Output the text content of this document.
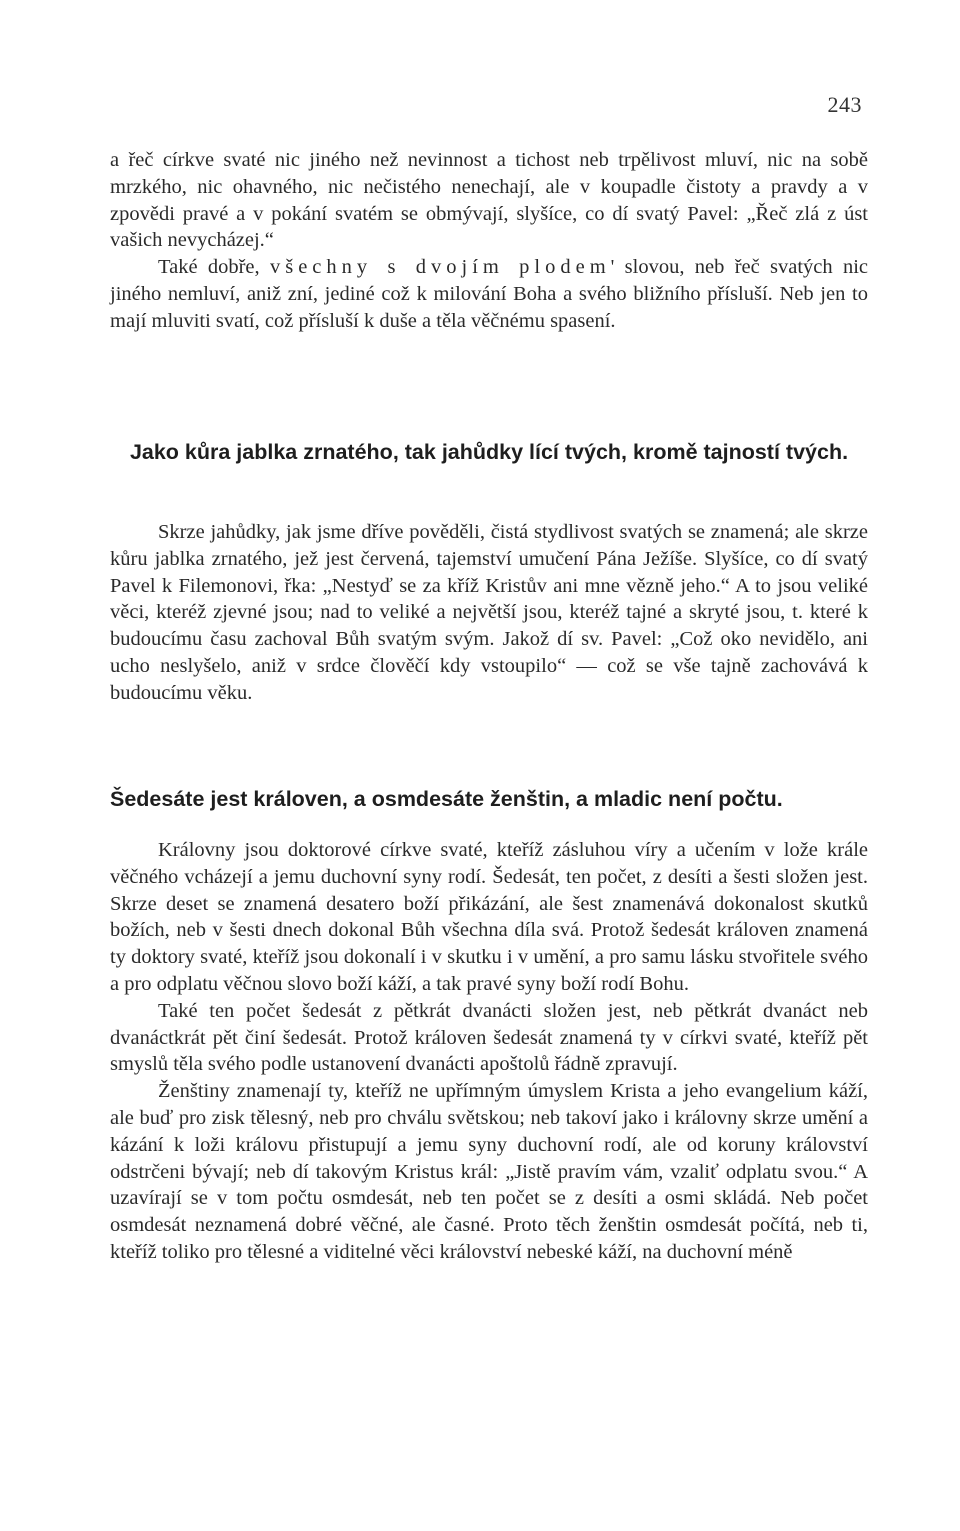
243

a řeč církve svaté nic jiného než nevinnost a tichost neb trpělivost mluví, nic na sobě mrzkého, nic ohavného, nic nečistého nenechají, ale v koupadle čistoty a pravdy a v zpovědi pravé a v pokání svatém se obmývají, slyšíce, co dí svatý Pavel: „Řeč zlá z úst vašich nevycházej.“

Také dobře, všechny s dvojím plodem' slovou, neb řeč svatých nic jiného nemluví, aniž zní, jediné což k milování Boha a svého bližního přísluší. Neb jen to mají mluviti svatí, což přísluší k duše a těla věčnému spasení.

Jako kůra jablka zrnatého, tak jahůdky lící tvých, kromě tajností tvých.

Skrze jahůdky, jak jsme dříve pověděli, čistá stydlivost svatých se znamená; ale skrze kůru jablka zrnatého, jež jest červená, tajemství umučení Pána Ježíše. Slyšíce, co dí svatý Pavel k Filemonovi, řka: „Nestyď se za kříž Kristův ani mne vězně jeho.“ A to jsou veliké věci, kteréž zjevné jsou; nad to veliké a největší jsou, kteréž tajné a skryté jsou, t. které k budoucímu času zachoval Bůh svatým svým. Jakož dí sv. Pavel: „Což oko nevidělo, ani ucho neslyšelo, aniž v srdce člověčí kdy vstoupilo“ — což se vše tajně zachovává k budoucímu věku.

Šedesáte jest královen, a osmdesáte ženštin, a mladic není počtu.

Královny jsou doktorové církve svaté, kteříž zásluhou víry a učením v lože krále věčného vcházejí a jemu duchovní syny rodí. Šedesát, ten počet, z desíti a šesti složen jest. Skrze deset se znamená desatero boží přikázání, ale šest znamenává dokonalost skutků božích, neb v šesti dnech dokonal Bůh všechna díla svá. Protož šedesát královen znamená ty doktory svaté, kteříž jsou dokonalí i v skutku i v umění, a pro samu lásku stvořitele svého a pro odplatu věčnou slovo boží káží, a tak pravé syny boží rodí Bohu.

Také ten počet šedesát z pětkrát dvanácti složen jest, neb pětkrát dvanáct neb dvanáctkrát pět činí šedesát. Protož královen šedesát znamená ty v církvi svaté, kteříž pět smyslů těla svého podle ustanovení dvanácti apoštolů řádně zpravují.

Ženštiny znamenají ty, kteříž ne upřímným úmyslem Krista a jeho evangelium káží, ale buď pro zisk tělesný, neb pro chválu světskou; neb takoví jako i královny skrze umění a kázání k loži královu přistupují a jemu syny duchovní rodí, ale od koruny království odstrčeni bývají; neb dí takovým Kristus král: „Jistě pravím vám, vzaliť odplatu svou.“ A uzavírají se v tom počtu osmdesát, neb ten počet se z desíti a osmi skládá. Neb počet osmdesát neznamená dobré věčné, ale časné. Proto těch ženštin osmdesát počítá, neb ti, kteříž toliko pro tělesné a viditelné věci království nebeské káží, na duchovní méně
